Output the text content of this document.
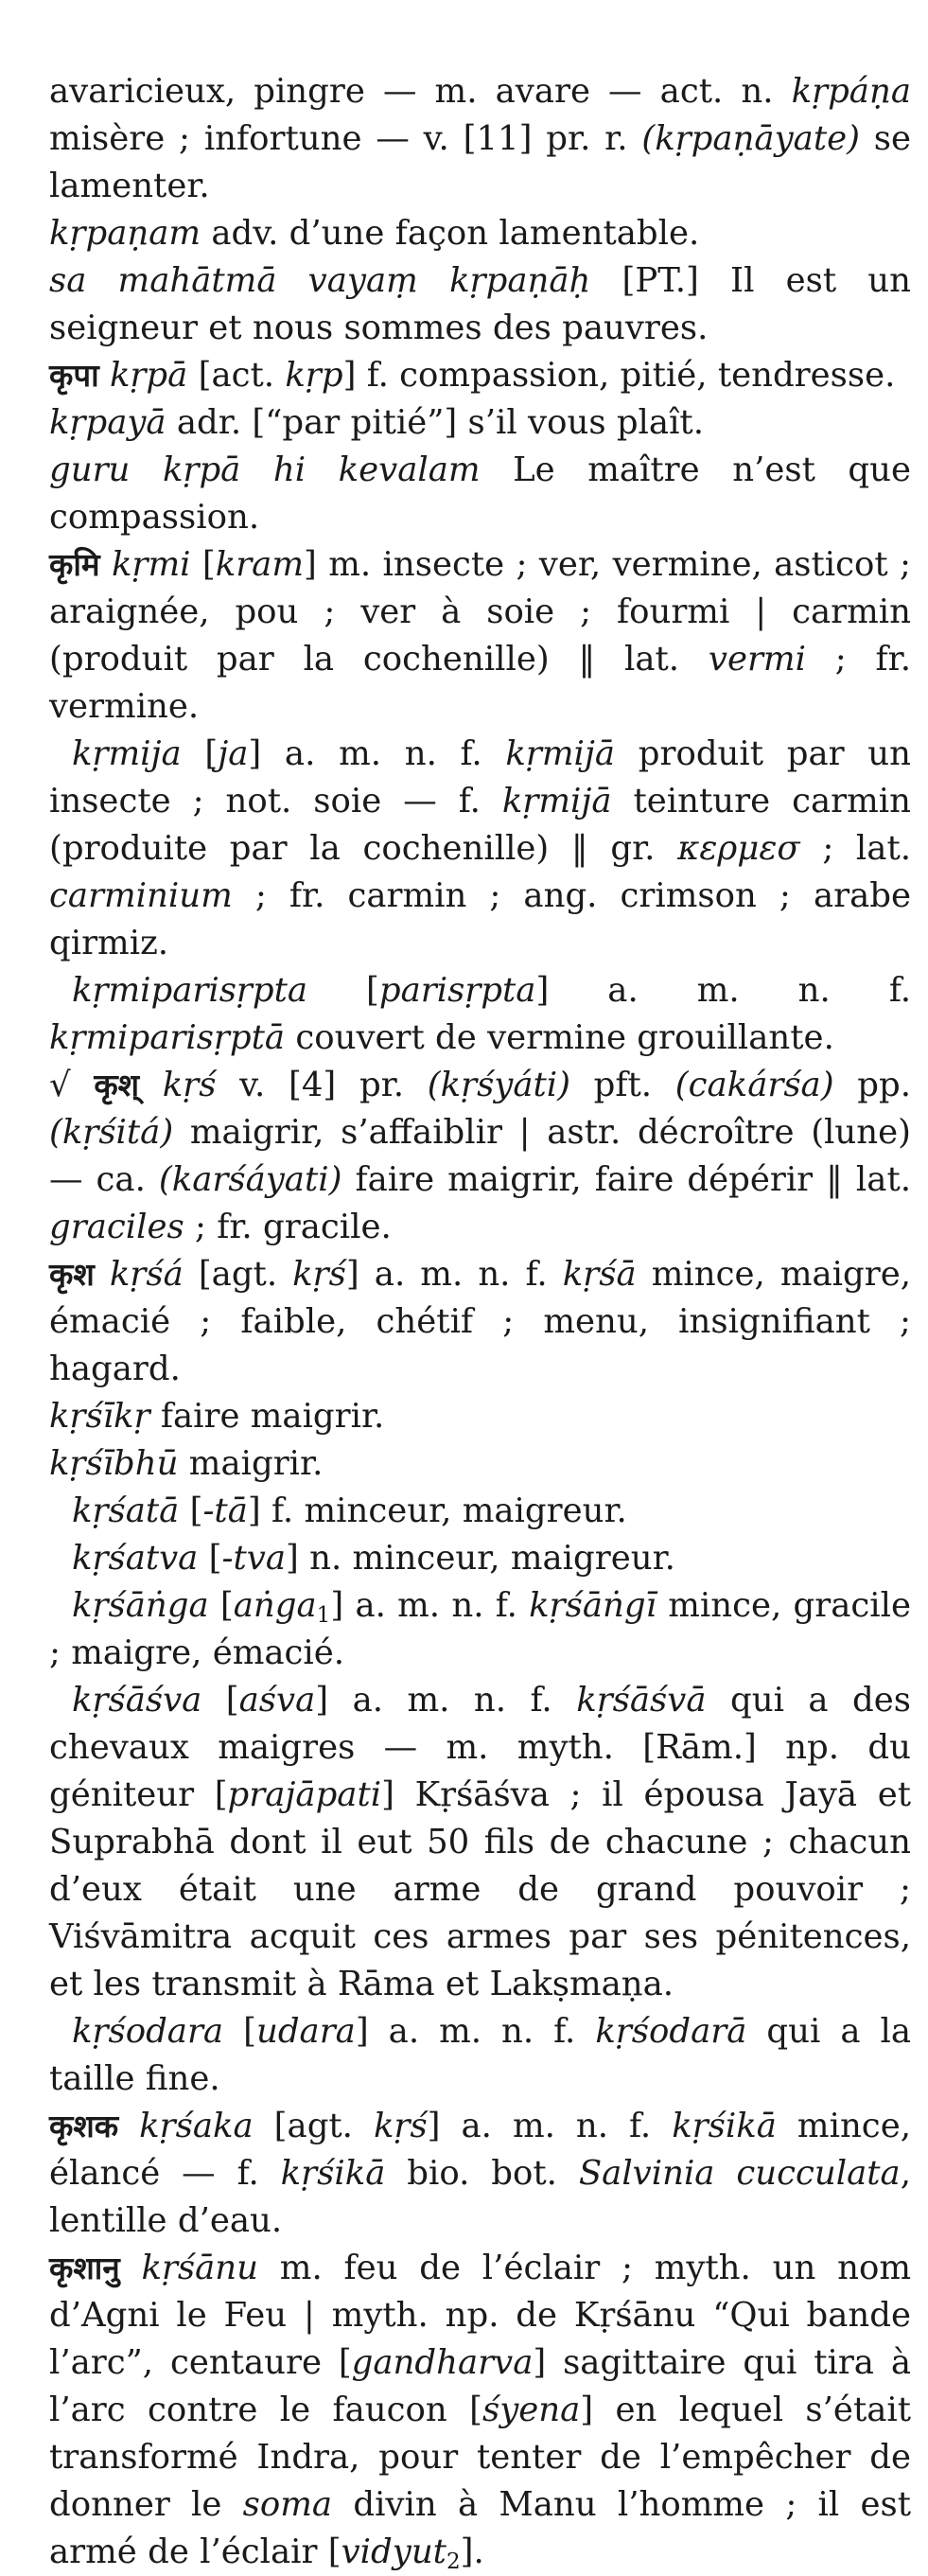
avaricieux, pingre — m. avare — act. n. kṛpáṇa misère ; infortune — v. [11] pr. r. (kṛpaṇāyate) se lamenter.

kṛpaṇam adv. d’une façon lamentable.

sa mahātmā vayaṃ kṛpaṇāḥ [PT.] Il est un seigneur et nous sommes des pauvres.

कृपा kṛpā [act. kṛp] f. compassion, pitié, tendresse.

kṛpayā adr. [“par pitié”] s’il vous plaît.

guru kṛpā hi kevalam Le maître n’est que compassion.

कृमि kṛmi [kram] m. insecte ; ver, vermine, asticot ; araignée, pou ; ver à soie ; fourmi | carmin (produit par la cochenille) ‖ lat. vermi ; fr. vermine.

kṛmija [ja] a. m. n. f. kṛmijā produit par un insecte ; not. soie — f. kṛmijā teinture carmin (produite par la cochenille) ‖ gr. κερμεσ ; lat. carminium ; fr. carmin ; ang. crimson ; arabe qirmiz.

kṛmiparisṛpta [parisṛpta] a. m. n. f. kṛmiparisṛptā couvert de vermine grouillante.

√ कृश् kṛś v. [4] pr. (kṛśyáti) pft. (cakárśa) pp. (kṛśitá) maigrir, s’affaiblir | astr. décroître (lune) — ca. (karśáyati) faire maigrir, faire dépérir ‖ lat. graciles ; fr. gracile.

कृश kṛśá [agt. kṛś] a. m. n. f. kṛśā mince, maigre, émacié ; faible, chétif ; menu, insignifiant ; hagard.

kṛśīkṛ faire maigrir.

kṛśībhū maigrir.

kṛśatā [-tā] f. minceur, maigreur.

kṛśatva [-tva] n. minceur, maigreur.

kṛśāṅga [aṅga$_1$] a. m. n. f. kṛśāṅgī mince, gracile ; maigre, émacié.

kṛśāśva [aśva] a. m. n. f. kṛśāśvā qui a des chevaux maigres — m. myth. [Rām.] np. du géniteur [prajāpati] Kṛśāśva ; il épousa Jayā et Suprabhā dont il eut 50 fils de chacune ; chacun d’eux était une arme de grand pouvoir ; Viśvāmitra acquit ces armes par ses pénitences, et les transmit à Rāma et Lakṣmaṇa.

kṛśodara [udara] a. m. n. f. kṛśodarā qui a la taille fine.

कृशक kṛśaka [agt. kṛś] a. m. n. f. kṛśikā mince, élancé — f. kṛśikā bio. bot. Salvinia cucculata, lentille d’eau.

कृशानु kṛśānu m. feu de l’éclair ; myth. un nom d’Agni le Feu | myth. np. de Kṛśānu “Qui bande l’arc”, centaure [gandharva] sagittaire qui tira à l’arc contre le faucon [śyena] en lequel s’était transformé Indra, pour tenter de l’empêcher de donner le soma divin à Manu l’homme ; il est armé de l’éclair [vidyut$_2$].
